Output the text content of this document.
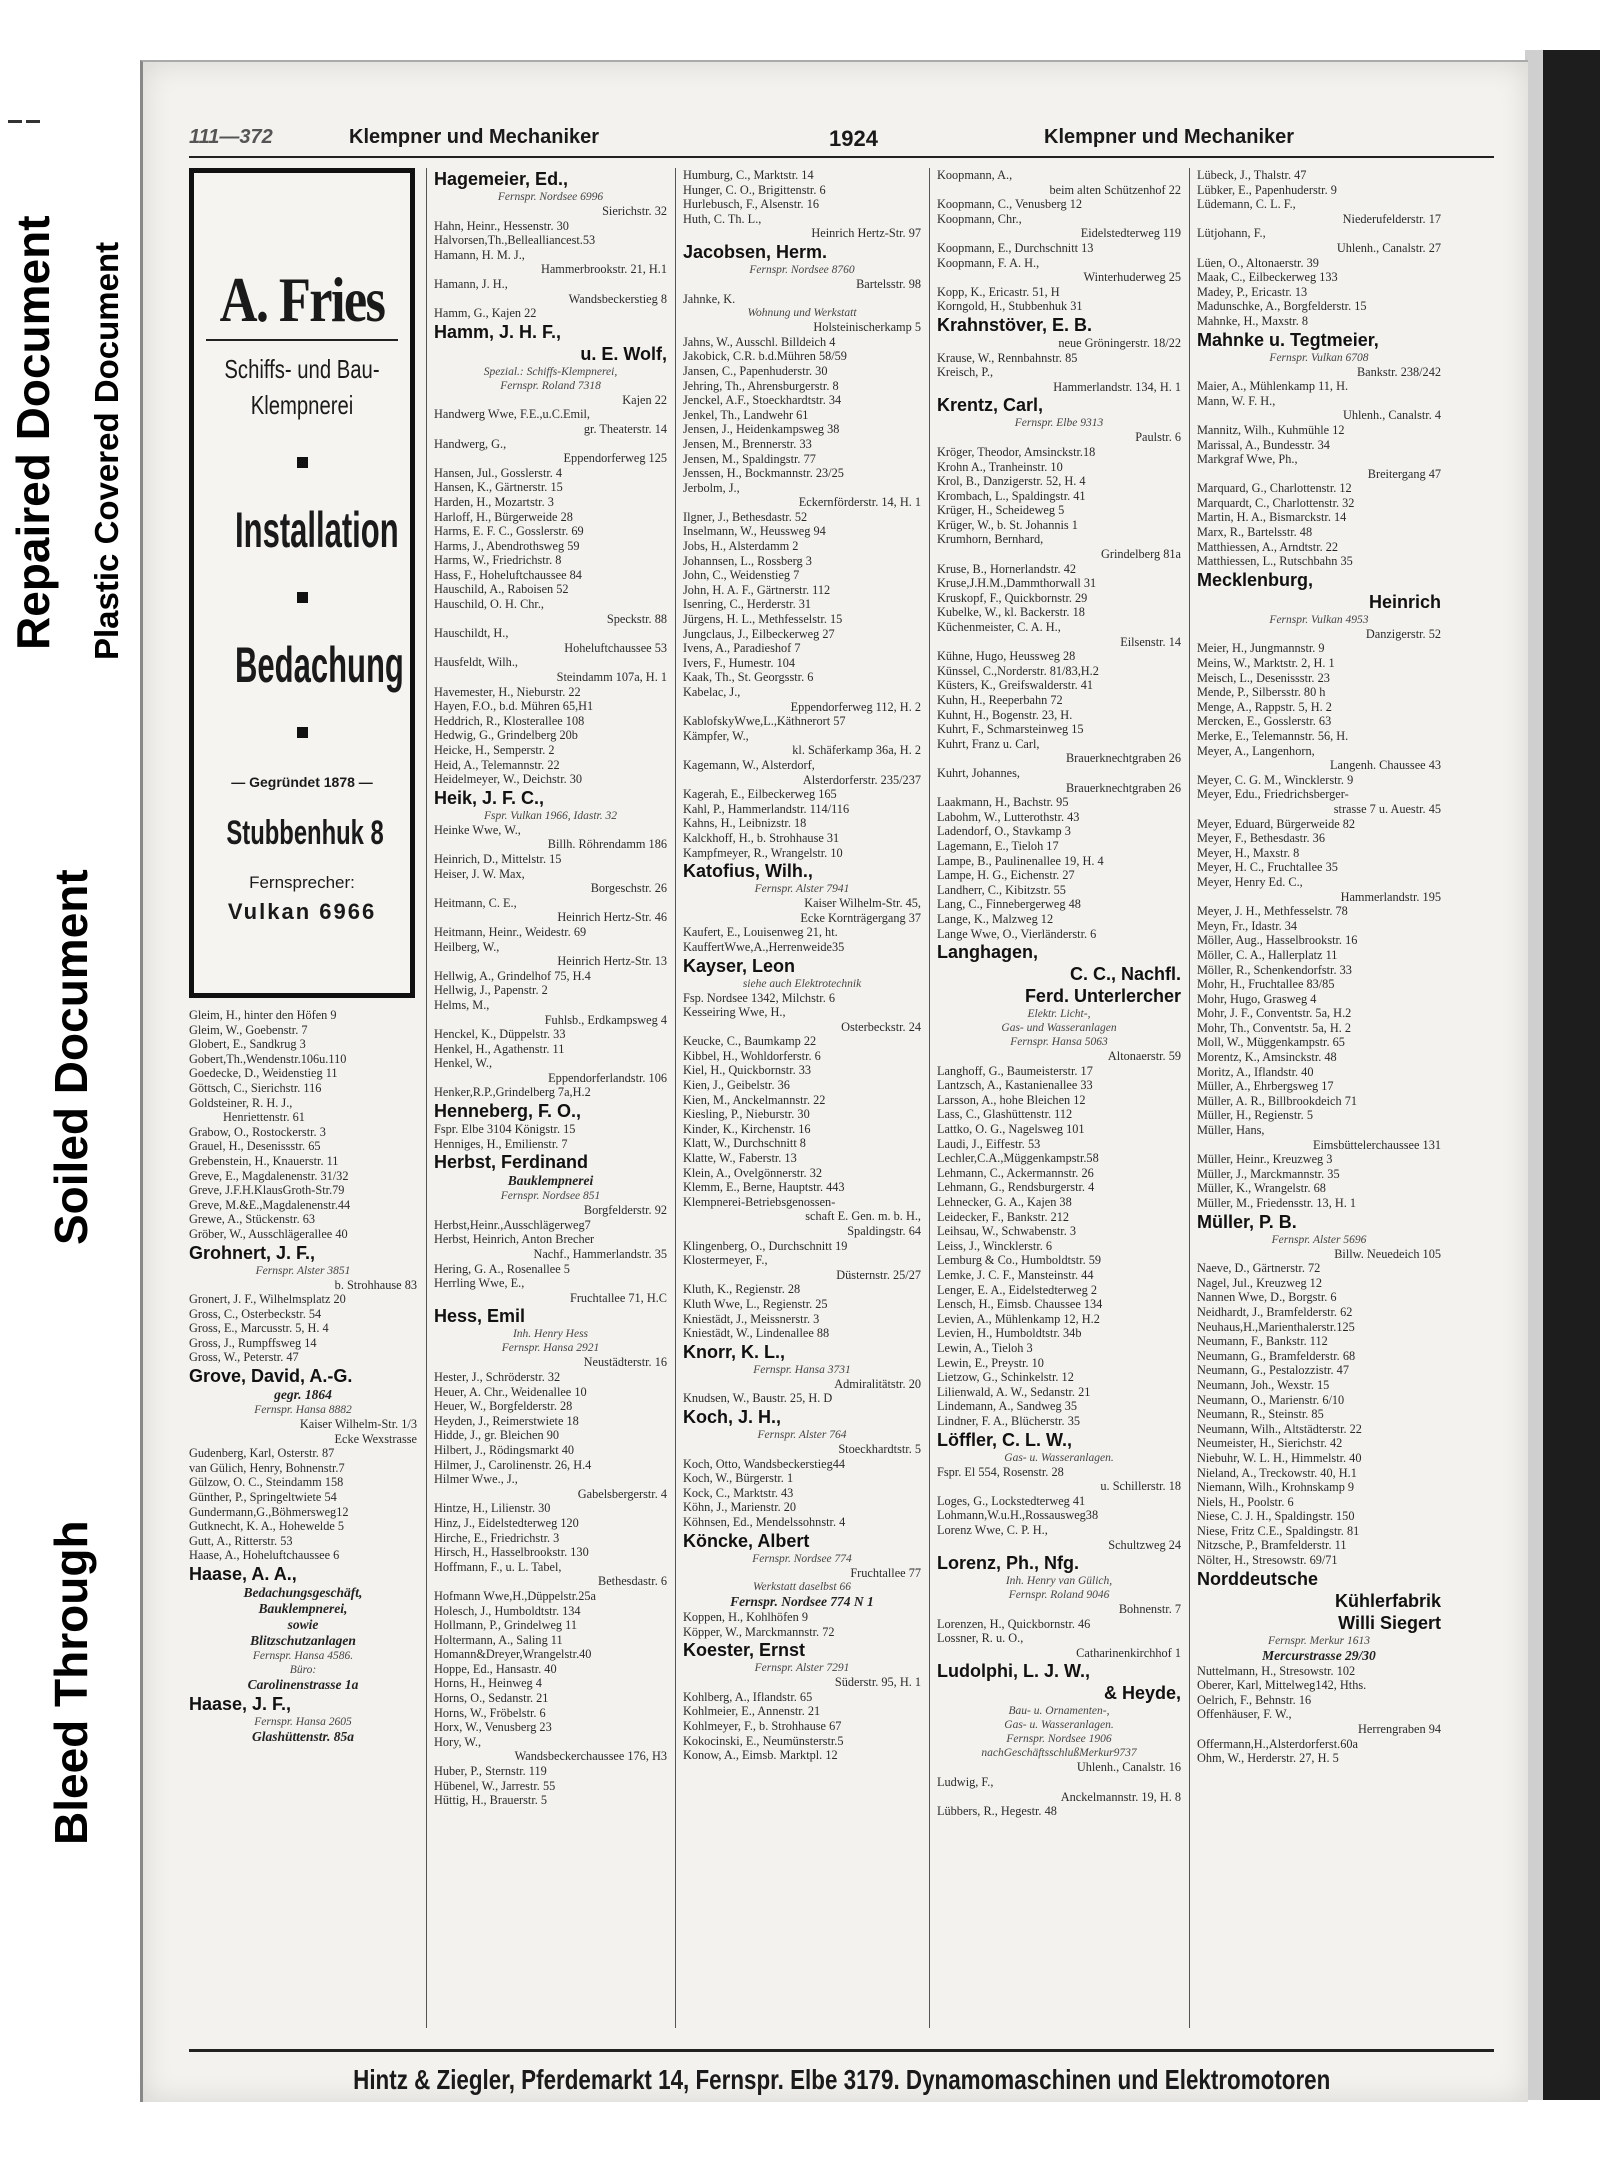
Repaired Document Plastic Covered Document
Soiled Document
Bleed Through
111—372	Klempner und Mechaniker	1924	Klempner und Mechaniker
A. Fries
Schiffs- und Bau-
Klempnerei
Installation
Bedachung
— Gegründet 1878 —
Stubbenhuk 8
Fernsprecher:
Vulkan 6966
Gleim, H., hinter den Höfen 9
Gleim, W., Goebenstr. 7
Globert, E., Sandkrug 3
Gobert,Th.,Wendenstr.106u.110
Goedecke, D., Weidenstieg 11
Göttsch, C., Sierichstr. 116
Goldsteiner, R. H. J.,
Henriettenstr. 61
Grabow, O., Rostockerstr. 3
Grauel, H., Desenissstr. 65
Grebenstein, H., Knauerstr. 11
Greve, E., Magdalenenstr. 31/32
Greve, J.F.H.KlausGroth-Str.79
Greve, M.&E.,Magdalenenstr.44
Grewe, A., Stückenstr. 63
Gröber, W., Ausschlägerallee 40
Grohnert, J. F.,
Fernspr. Alster 3851
b. Strohhause 83
Gronert, J. F., Wilhelmsplatz 20
Gross, C., Osterbeckstr. 54
Gross, E., Marcusstr. 5, H. 4
Gross, J., Rumpffsweg 14
Gross, W., Peterstr. 47
Grove, David, A.-G.
gegr. 1864
Fernspr. Hansa 8882
Kaiser Wilhelm-Str. 1/3
Ecke Wexstrasse
Gudenberg, Karl, Osterstr. 87
van Gülich, Henry, Bohnenstr.7
Gülzow, O. C., Steindamm 158
Günther, P., Springeltwiete 54
Gundermann,G.,Böhmersweg12
Gutknecht, K. A., Hohewelde 5
Gutt, A., Ritterstr. 53
Haase, A., Hoheluftchaussee 6
Haase, A. A.,
Bedachungsgeschäft,
Bauklempnerei,
sowie
Blitzschutzanlagen
Fernspr. Hansa 4586.
Büro:
Carolinenstrasse 1a
Haase, J. F.,
Fernspr. Hansa 2605
Glashüttenstr. 85a
Hagemeier, Ed.,
Fernspr. Nordsee 6996
Sierichstr. 32
Hahn, Heinr., Hessenstr. 30
Halvorsen,Th.,Bellealliancest.53
Hamann, H. M. J.,
Hammerbrookstr. 21, H.1
Hamann, J. H.,
Wandsbeckerstieg 8
Hamm, G., Kajen 22
Hamm, J. H. F.,
u. E. Wolf,
Spezial.: Schiffs-Klempnerei,
Fernspr. Roland 7318
Kajen 22
Handwerg Wwe, F.E.,u.C.Emil,
gr. Theaterstr. 14
Handwerg, G.,
Eppendorferweg 125
Hansen, Jul., Gosslerstr. 4
Hansen, K., Gärtnerstr. 15
Harden, H., Mozartstr. 3
Harloff, H., Bürgerweide 28
Harms, E. F. C., Gosslerstr. 69
Harms, J., Abendrothsweg 59
Harms, W., Friedrichstr. 8
Hass, F., Hoheluftchaussee 84
Hauschild, A., Raboisen 52
Hauschild, O. H. Chr.,
Speckstr. 88
Hauschildt, H.,
Hoheluftchaussee 53
Hausfeldt, Wilh.,
Steindamm 107a, H. 1
Havemester, H., Nieburstr. 22
Hayen, F.O., b.d. Mühren 65,H1
Heddrich, R., Klosterallee 108
Hedwig, G., Grindelberg 20b
Heicke, H., Semperstr. 2
Heid, A., Telemannstr. 22
Heidelmeyer, W., Deichstr. 30
Heik, J. F. C.,
Fspr. Vulkan 1966, Idastr. 32
Heinke Wwe, W.,
Billh. Röhrendamm 186
Heinrich, D., Mittelstr. 15
Heiser, J. W. Max,
Borgeschstr. 26
Heitmann, C. E.,
Heinrich Hertz-Str. 46
Heitmann, Heinr., Weidestr. 69
Heilberg, W.,
Heinrich Hertz-Str. 13
Hellwig, A., Grindelhof 75, H.4
Hellwig, J., Papenstr. 2
Helms, M.,
Fuhlsb., Erdkampsweg 4
Henckel, K., Düppelstr. 33
Henkel, H., Agathenstr. 11
Henkel, W.,
Eppendorferlandstr. 106
Henker,R.P.,Grindelberg 7a,H.2
Henneberg, F. O.,
Fspr. Elbe 3104 Königstr. 15
Henniges, H., Emilienstr. 7
Herbst, Ferdinand
Bauklempnerei
Fernspr. Nordsee 851
Borgfelderstr. 92
Herbst,Heinr.,Ausschlägerweg7
Herbst, Heinrich, Anton Brecher
Nachf., Hammerlandstr. 35
Hering, G. A., Rosenallee 5
Herrling Wwe, E.,
Fruchtallee 71, H.C
Hess, Emil
Inh. Henry Hess
Fernspr. Hansa 2921
Neustädterstr. 16
Hester, J., Schröderstr. 32
Heuer, A. Chr., Weidenallee 10
Heuer, W., Borgfelderstr. 28
Heyden, J., Reimerstwiete 18
Hidde, J., gr. Bleichen 90
Hilbert, J., Rödingsmarkt 40
Hilmer, J., Carolinenstr. 26, H.4
Hilmer Wwe., J.,
Gabelsbergerstr. 4
Hintze, H., Lilienstr. 30
Hinz, J., Eidelstedterweg 120
Hirche, E., Friedrichstr. 3
Hirsch, H., Hasselbrookstr. 130
Hoffmann, F., u. L. Tabel,
Bethesdastr. 6
Hofmann Wwe,H.,Düppelstr.25a
Holesch, J., Humboldtstr. 134
Hollmann, P., Grindelweg 11
Holtermann, A., Saling 11
Homann&Dreyer,Wrangelstr.40
Hoppe, Ed., Hansastr. 40
Horns, H., Heinweg 4
Horns, O., Sedanstr. 21
Horns, W., Fröbelstr. 6
Horx, W., Venusberg 23
Hory, W.,
Wandsbeckerchaussee 176, H3
Huber, P., Sternstr. 119
Hübenel, W., Jarrestr. 55
Hüttig, H., Brauerstr. 5
Humburg, C., Marktstr. 14
Hunger, C. O., Brigittenstr. 6
Hurlebusch, F., Alsenstr. 16
Huth, C. Th. L.,
Heinrich Hertz-Str. 97
Jacobsen, Herm.
Fernspr. Nordsee 8760
Bartelsstr. 98
Jahnke, K.
Wohnung und Werkstatt
Holsteinischerkamp 5
Jahns, W., Ausschl. Billdeich 4
Jakobick, C.R. b.d.Mühren 58/59
Jansen, C., Papenhuderstr. 30
Jehring, Th., Ahrensburgerstr. 8
Jenckel, A.F., Stoeckhardtstr. 34
Jenkel, Th., Landwehr 61
Jensen, J., Heidenkampsweg 38
Jensen, M., Brennerstr. 33
Jensen, M., Spaldingstr. 77
Jenssen, H., Bockmannstr. 23/25
Jerbolm, J.,
Eckernförderstr. 14, H. 1
Ilgner, J., Bethesdastr. 52
Inselmann, W., Heussweg 94
Jobs, H., Alsterdamm 2
Johannsen, L., Rossberg 3
John, C., Weidenstieg 7
John, H. A. F., Gärtnerstr. 112
Isenring, C., Herderstr. 31
Jürgens, H. L., Methfesselstr. 15
Jungclaus, J., Eilbeckerweg 27
Ivens, A., Paradieshof 7
Ivers, F., Humestr. 104
Kaak, Th., St. Georgsstr. 6
Kabelac, J.,
Eppendorferweg 112, H. 2
KablofskyWwe,L.,Käthnerort 57
Kämpfer, W.,
kl. Schäferkamp 36a, H. 2
Kagemann, W., Alsterdorf,
Alsterdorferstr. 235/237
Kagerah, E., Eilbeckerweg 165
Kahl, P., Hammerlandstr. 114/116
Kahns, H., Leibnizstr. 18
Kalckhoff, H., b. Strohhause 31
Kampfmeyer, R., Wrangelstr. 10
Katofius, Wilh.,
Fernspr. Alster 7941
Kaiser Wilhelm-Str. 45,
Ecke Kornträgergang 37
Kaufert, E., Louisenweg 21, ht.
KauffertWwe,A.,Herrenweide35
Kayser, Leon
siehe auch Elektrotechnik
Fsp. Nordsee 1342, Milchstr. 6
Kesseiring Wwe, H.,
Osterbeckstr. 24
Keucke, C., Baumkamp 22
Kibbel, H., Wohldorferstr. 6
Kiel, H., Quickbornstr. 33
Kien, J., Geibelstr. 36
Kien, M., Anckelmannstr. 22
Kiesling, P., Nieburstr. 30
Kinder, K., Kirchenstr. 16
Klatt, W., Durchschnitt 8
Klatte, W., Faberstr. 13
Klein, A., Ovelgönnerstr. 32
Klemm, E., Berne, Hauptstr. 443
Klempnerei-Betriebsgenossen-
schaft E. Gen. m. b. H.,
Spaldingstr. 64
Klingenberg, O., Durchschnitt 19
Klostermeyer, F.,
Düsternstr. 25/27
Kluth, K., Regienstr. 28
Kluth Wwe, L., Regienstr. 25
Kniestädt, J., Meissnerstr. 3
Kniestädt, W., Lindenallee 88
Knorr, K. L.,
Fernspr. Hansa 3731
Admiralitätstr. 20
Knudsen, W., Baustr. 25, H. D
Koch, J. H.,
Fernspr. Alster 764
Stoeckhardtstr. 5
Koch, Otto, Wandsbeckerstieg44
Koch, W., Bürgerstr. 1
Kock, C., Marktstr. 43
Köhn, J., Marienstr. 20
Köhnsen, Ed., Mendelssohnstr. 4
Köncke, Albert
Fernspr. Nordsee 774
Fruchtallee 77
Werkstatt daselbst 66
Fernspr. Nordsee 774 N 1
Koppen, H., Kohlhöfen 9
Köpper, W., Marckmannstr. 72
Koester, Ernst
Fernspr. Alster 7291
Süderstr. 95, H. 1
Kohlberg, A., Iflandstr. 65
Kohlmeier, E., Annenstr. 21
Kohlmeyer, F., b. Strohhause 67
Kokocinski, E., Neumünsterstr.5
Konow, A., Eimsb. Marktpl. 12
Koopmann, A.,
beim alten Schützenhof 22
Koopmann, C., Venusberg 12
Koopmann, Chr.,
Eidelstedterweg 119
Koopmann, E., Durchschnitt 13
Koopmann, F. A. H.,
Winterhuderweg 25
Kopp, K., Ericastr. 51, H
Korngold, H., Stubbenhuk 31
Krahnstöver, E. B.
neue Gröningerstr. 18/22
Krause, W., Rennbahnstr. 85
Kreisch, P.,
Hammerlandstr. 134, H. 1
Krentz, Carl,
Fernspr. Elbe 9313
Paulstr. 6
Kröger, Theodor, Amsinckstr.18
Krohn A., Tranheinstr. 10
Krol, B., Danzigerstr. 52, H. 4
Krombach, L., Spaldingstr. 41
Krüger, H., Scheideweg 5
Krüger, W., b. St. Johannis 1
Krumhorn, Bernhard,
Grindelberg 81a
Kruse, B., Hornerlandstr. 42
Kruse,J.H.M.,Dammthorwall 31
Kruskopf, F., Quickbornstr. 29
Kubelke, W., kl. Backerstr. 18
Küchenmeister, C. A. H.,
Eilsenstr. 14
Kühne, Hugo, Heussweg 28
Künssel, C.,Norderstr. 81/83,H.2
Küsters, K., Greifswalderstr. 41
Kuhn, H., Reeperbahn 72
Kuhnt, H., Bogenstr. 23, H.
Kuhrt, F., Schmarsteinweg 15
Kuhrt, Franz u. Carl,
Brauerknechtgraben 26
Kuhrt, Johannes,
Brauerknechtgraben 26
Laakmann, H., Bachstr. 95
Labohm, W., Lutterothstr. 43
Ladendorf, O., Stavkamp 3
Lagemann, E., Tieloh 17
Lampe, B., Paulinenallee 19, H. 4
Lampe, H. G., Eichenstr. 27
Landherr, C., Kibitzstr. 55
Lang, C., Finnebergerweg 48
Lange, K., Malzweg 12
Lange Wwe, O., Vierländerstr. 6
Langhagen,
C. C., Nachfl.
Ferd. Unterlercher
Elektr. Licht-,
Gas- und Wasseranlagen
Fernspr. Hansa 5063
Altonaerstr. 59
Langhoff, G., Baumeisterstr. 17
Lantzsch, A., Kastanienallee 33
Larsson, A., hohe Bleichen 12
Lass, C., Glashüttenstr. 112
Lattko, O. G., Nagelsweg 101
Laudi, J., Eiffestr. 53
Lechler,C.A.,Müggenkampstr.58
Lehmann, C., Ackermannstr. 26
Lehmann, G., Rendsburgerstr. 4
Lehnecker, G. A., Kajen 38
Leidecker, F., Bankstr. 212
Leihsau, W., Schwabenstr. 3
Leiss, J., Wincklerstr. 6
Lemburg & Co., Humboldtstr. 59
Lemke, J. C. F., Mansteinstr. 44
Lenger, E. A., Eidelstedterweg 2
Lensch, H., Eimsb. Chaussee 134
Levien, A., Mühlenkamp 12, H.2
Levien, H., Humboldtstr. 34b
Lewin, A., Tieloh 3
Lewin, E., Preystr. 10
Lietzow, G., Schinkelstr. 12
Lilienwald, A. W., Sedanstr. 21
Lindemann, A., Sandweg 35
Lindner, F. A., Blücherstr. 35
Löffler, C. L. W.,
Gas- u. Wasseranlagen.
Fspr. El 554, Rosenstr. 28
u. Schillerstr. 18
Loges, G., Lockstedterweg 41
Lohmann,W.u.H.,Rossausweg38
Lorenz Wwe, C. P. H.,
Schultzweg 24
Lorenz, Ph., Nfg.
Inh. Henry van Gülich,
Fernspr. Roland 9046
Bohnenstr. 7
Lorenzen, H., Quickbornstr. 46
Lossner, R. u. O.,
Catharinenkirchhof 1
Ludolphi, L. J. W.,
& Heyde,
Bau- u. Ornamenten-,
Gas- u. Wasseranlagen.
Fernspr. Nordsee 1906
nachGeschäftsschlußMerkur9737
Uhlenh., Canalstr. 16
Ludwig, F.,
Anckelmannstr. 19, H. 8
Lübbers, R., Hegestr. 48
Lübeck, J., Thalstr. 47
Lübker, E., Papenhuderstr. 9
Lüdemann, C. L. F.,
Niederufelderstr. 17
Lütjohann, F.,
Uhlenh., Canalstr. 27
Lüen, O., Altonaerstr. 39
Maak, C., Eilbeckerweg 133
Madey, P., Ericastr. 13
Madunschke, A., Borgfelderstr. 15
Mahnke, H., Maxstr. 8
Mahnke u. Tegtmeier,
Fernspr. Vulkan 6708
Bankstr. 238/242
Maier, A., Mühlenkamp 11, H.
Mann, W. F. H.,
Uhlenh., Canalstr. 4
Mannitz, Wilh., Kuhmühle 12
Marissal, A., Bundesstr. 34
Markgraf Wwe, Ph.,
Breitergang 47
Marquard, G., Charlottenstr. 12
Marquardt, C., Charlottenstr. 32
Martin, H. A., Bismarckstr. 14
Marx, R., Bartelsstr. 48
Matthiessen, A., Arndtstr. 22
Matthiessen, L., Rutschbahn 35
Mecklenburg,
Heinrich
Fernspr. Vulkan 4953
Danzigerstr. 52
Meier, H., Jungmannstr. 9
Meins, W., Marktstr. 2, H. 1
Meisch, L., Desenissstr. 23
Mende, P., Silbersstr. 80 h
Menge, A., Rappstr. 5, H. 2
Mercken, E., Gosslerstr. 63
Merke, E., Telemannstr. 56, H.
Meyer, A., Langenhorn,
Langenh. Chaussee 43
Meyer, C. G. M., Wincklerstr. 9
Meyer, Edu., Friedrichsberger-
strasse 7 u. Auestr. 45
Meyer, Eduard, Bürgerweide 82
Meyer, F., Bethesdastr. 36
Meyer, H., Maxstr. 8
Meyer, H. C., Fruchtallee 35
Meyer, Henry Ed. C.,
Hammerlandstr. 195
Meyer, J. H., Methfesselstr. 78
Meyn, Fr., Idastr. 34
Möller, Aug., Hasselbrookstr. 16
Möller, C. A., Hallerplatz 11
Möller, R., Schenkendorfstr. 33
Mohr, H., Fruchtallee 83/85
Mohr, Hugo, Grasweg 4
Mohr, J. F., Conventstr. 5a, H.2
Mohr, Th., Conventstr. 5a, H. 2
Moll, W., Müggenkampstr. 65
Morentz, K., Amsinckstr. 48
Moritz, A., Iflandstr. 40
Müller, A., Ehrbergsweg 17
Müller, A. R., Billbrookdeich 71
Müller, H., Regienstr. 5
Müller, Hans,
Eimsbüttelerchaussee 131
Müller, Heinr., Kreuzweg 3
Müller, J., Marckmannstr. 35
Müller, K., Wrangelstr. 68
Müller, M., Friedensstr. 13, H. 1
Müller, P. B.
Fernspr. Alster 5696
Billw. Neuedeich 105
Naeve, D., Gärtnerstr. 72
Nagel, Jul., Kreuzweg 12
Nannen Wwe, D., Borgstr. 6
Neidhardt, J., Bramfelderstr. 62
Neuhaus,H.,Marienthalerstr.125
Neumann, F., Bankstr. 112
Neumann, G., Bramfelderstr. 68
Neumann, G., Pestalozzistr. 47
Neumann, Joh., Wexstr. 15
Neumann, O., Marienstr. 6/10
Neumann, R., Steinstr. 85
Neumann, Wilh., Altstädterstr. 22
Neumeister, H., Sierichstr. 42
Niebuhr, W. L. H., Himmelstr. 40
Nieland, A., Treckowstr. 40, H.1
Niemann, Wilh., Krohnskamp 9
Niels, H., Poolstr. 6
Niese, C. J. H., Spaldingstr. 150
Niese, Fritz C.E., Spaldingstr. 81
Nitzsche, P., Bramfelderstr. 11
Nölter, H., Stresowstr. 69/71
Norddeutsche
Kühlerfabrik
Willi Siegert
Fernspr. Merkur 1613
Mercurstrasse 29/30
Nuttelmann, H., Stresowstr. 102
Oberer, Karl, Mittelweg142, Hths.
Oelrich, F., Behnstr. 16
Offenhäuser, F. W.,
Herrengraben 94
Offermann,H.,Alsterdorferst.60a
Ohm, W., Herderstr. 27, H. 5
Hintz & Ziegler, Pferdemarkt 14, Fernspr. Elbe 3179. Dynamomaschinen und Elektromotoren
